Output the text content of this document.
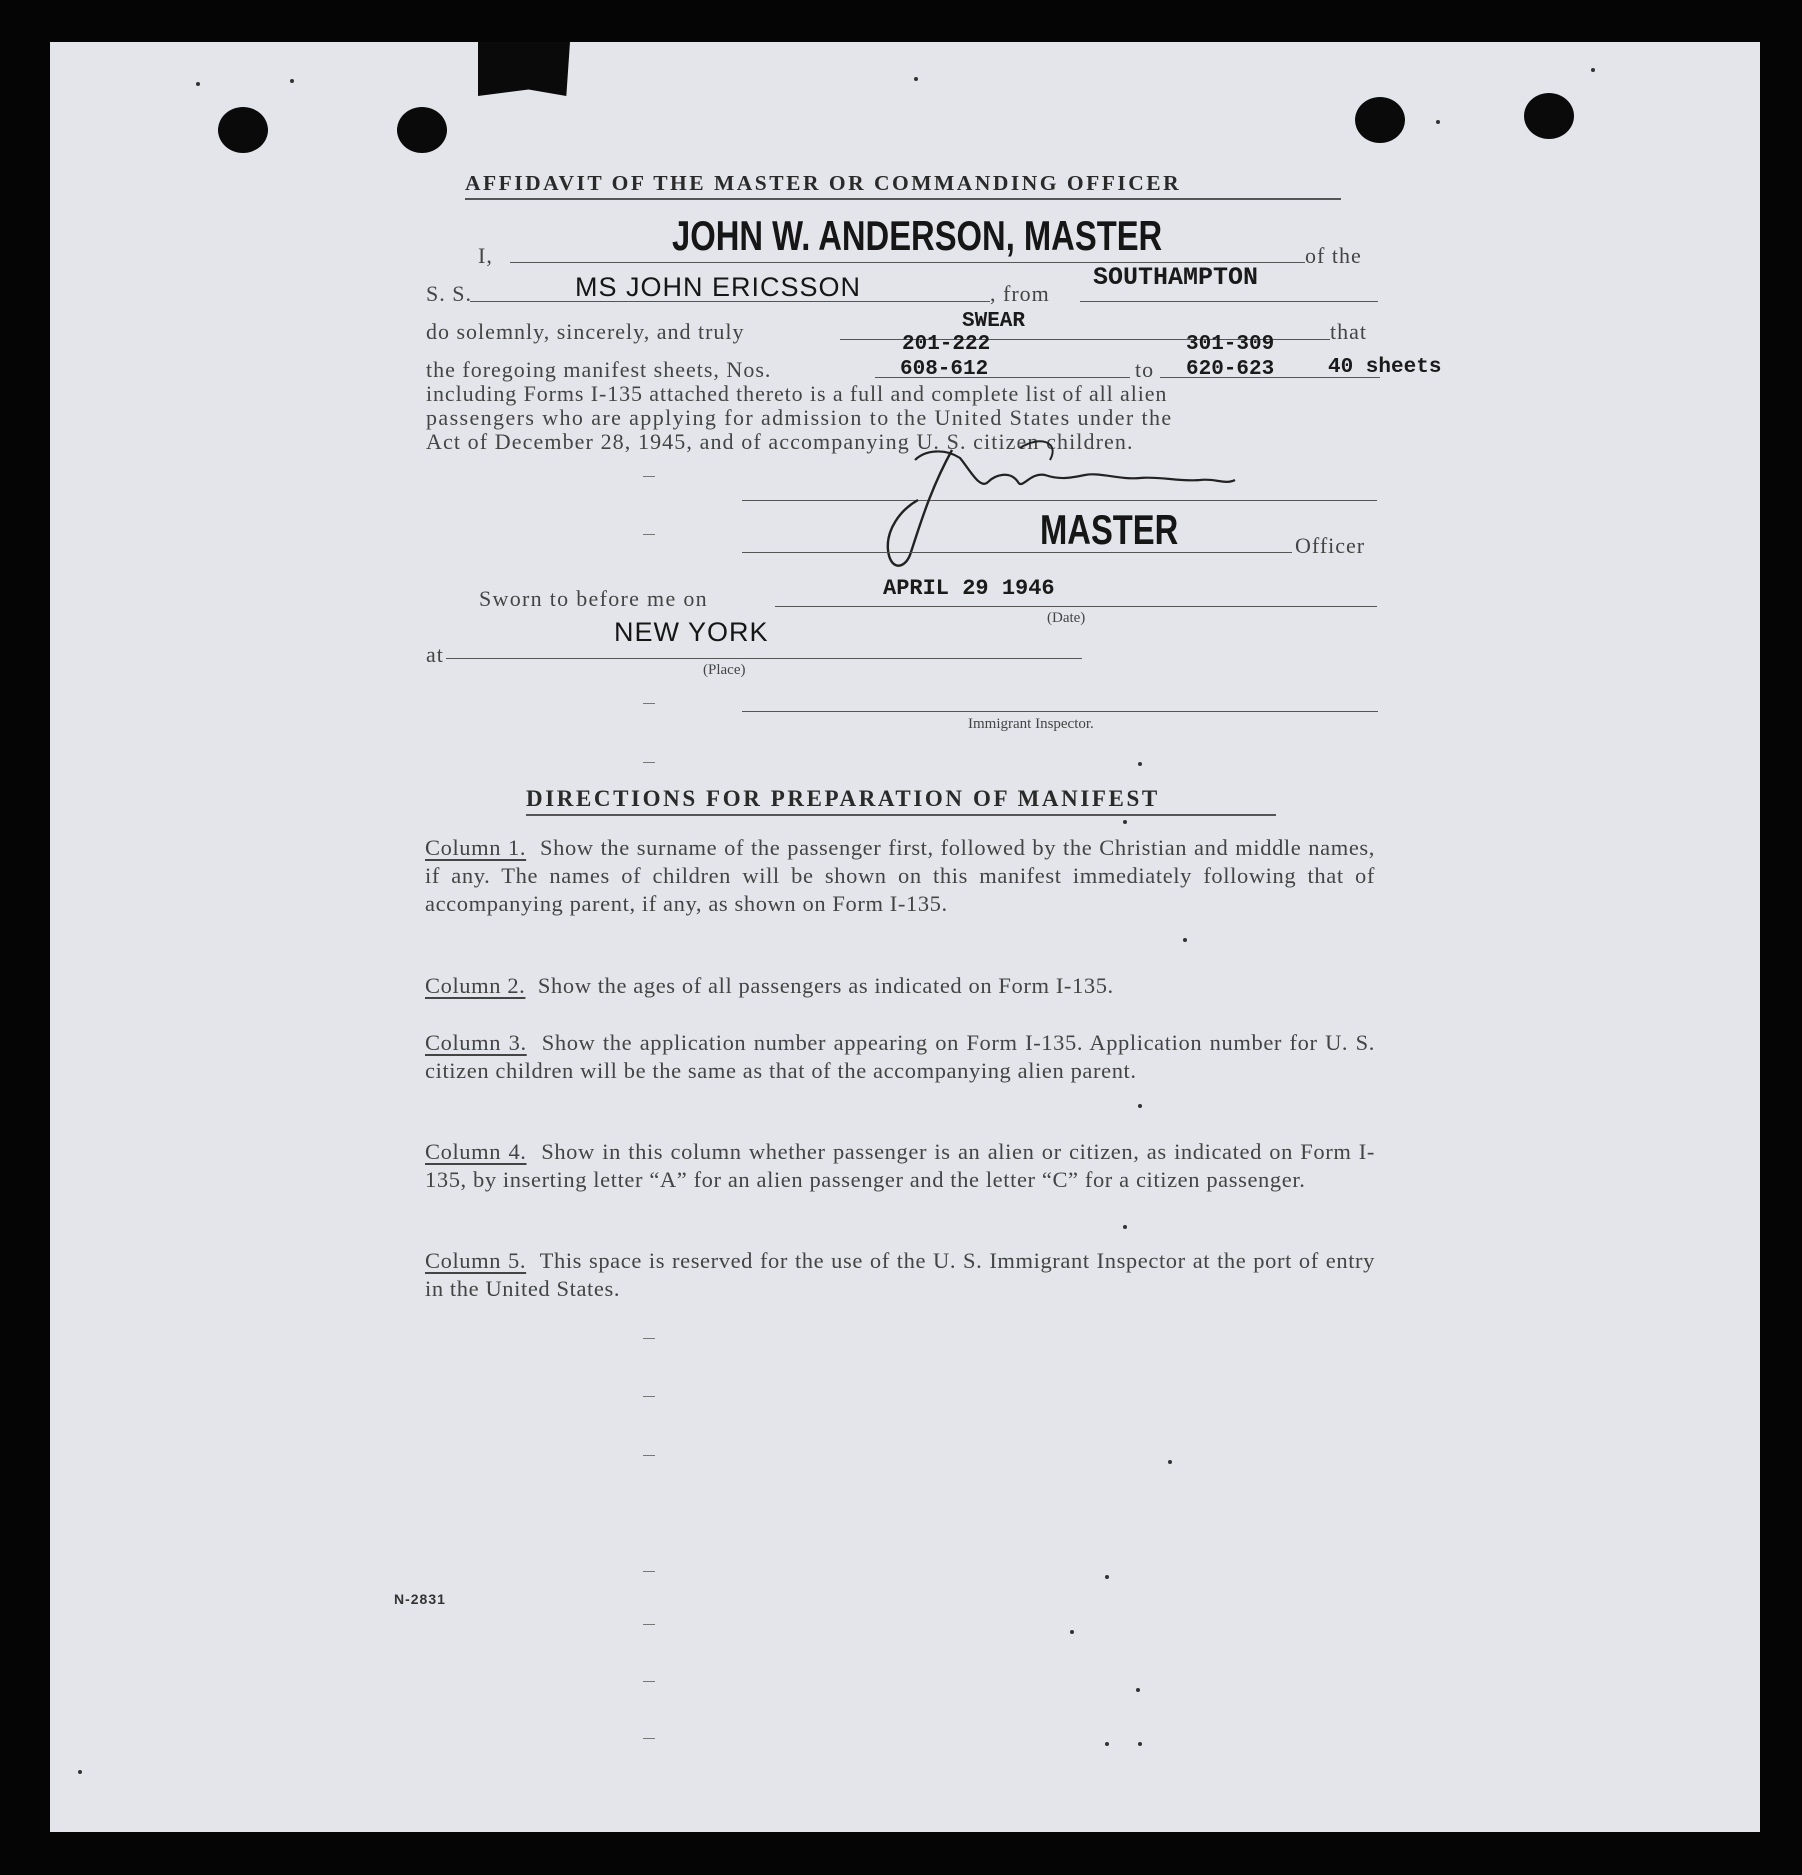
AFFIDAVIT OF THE MASTER OR COMMANDING OFFICER
I,	JOHN W. ANDERSON, MASTER	of the
S. S.	MS JOHN ERICSSON	, from
SOUTHAMPTON
do solemnly, sincerely, and truly	SWEAR
201-222	301-309
that
the foregoing manifest sheets, Nos.	608-612	to 620-623	40 sheets
including Forms I-135 attached thereto is a full and complete list of all alien
passengers who are applying for admission to the United States under the
Act of December 28, 1945, and of accompanying U. S. citizen children.
MASTER	Officer
Sworn to before me on	APRIL 29 1946
(Date)
at
NEW YORK
(Place)
Immigrant Inspector.
DIRECTIONS FOR PREPARATION OF MANIFEST
Column 1. Show the surname of the passenger first, followed by the Christian and middle names, if any. The names of children will be shown on this manifest immediately following that of accompanying parent, if any, as shown on Form I-135.
Column 2. Show the ages of all passengers as indicated on Form I-135.
Column 3. Show the application number appearing on Form I-135. Application number for U. S. citizen children will be the same as that of the accompanying alien parent.
Column 4. Show in this column whether passenger is an alien or citizen, as indicated on Form I-135, by inserting letter “A” for an alien passenger and the letter “C” for a citizen passenger.
Column 5. This space is reserved for the use of the U. S. Immigrant Inspector at the port of entry in the United States.
N-2831
